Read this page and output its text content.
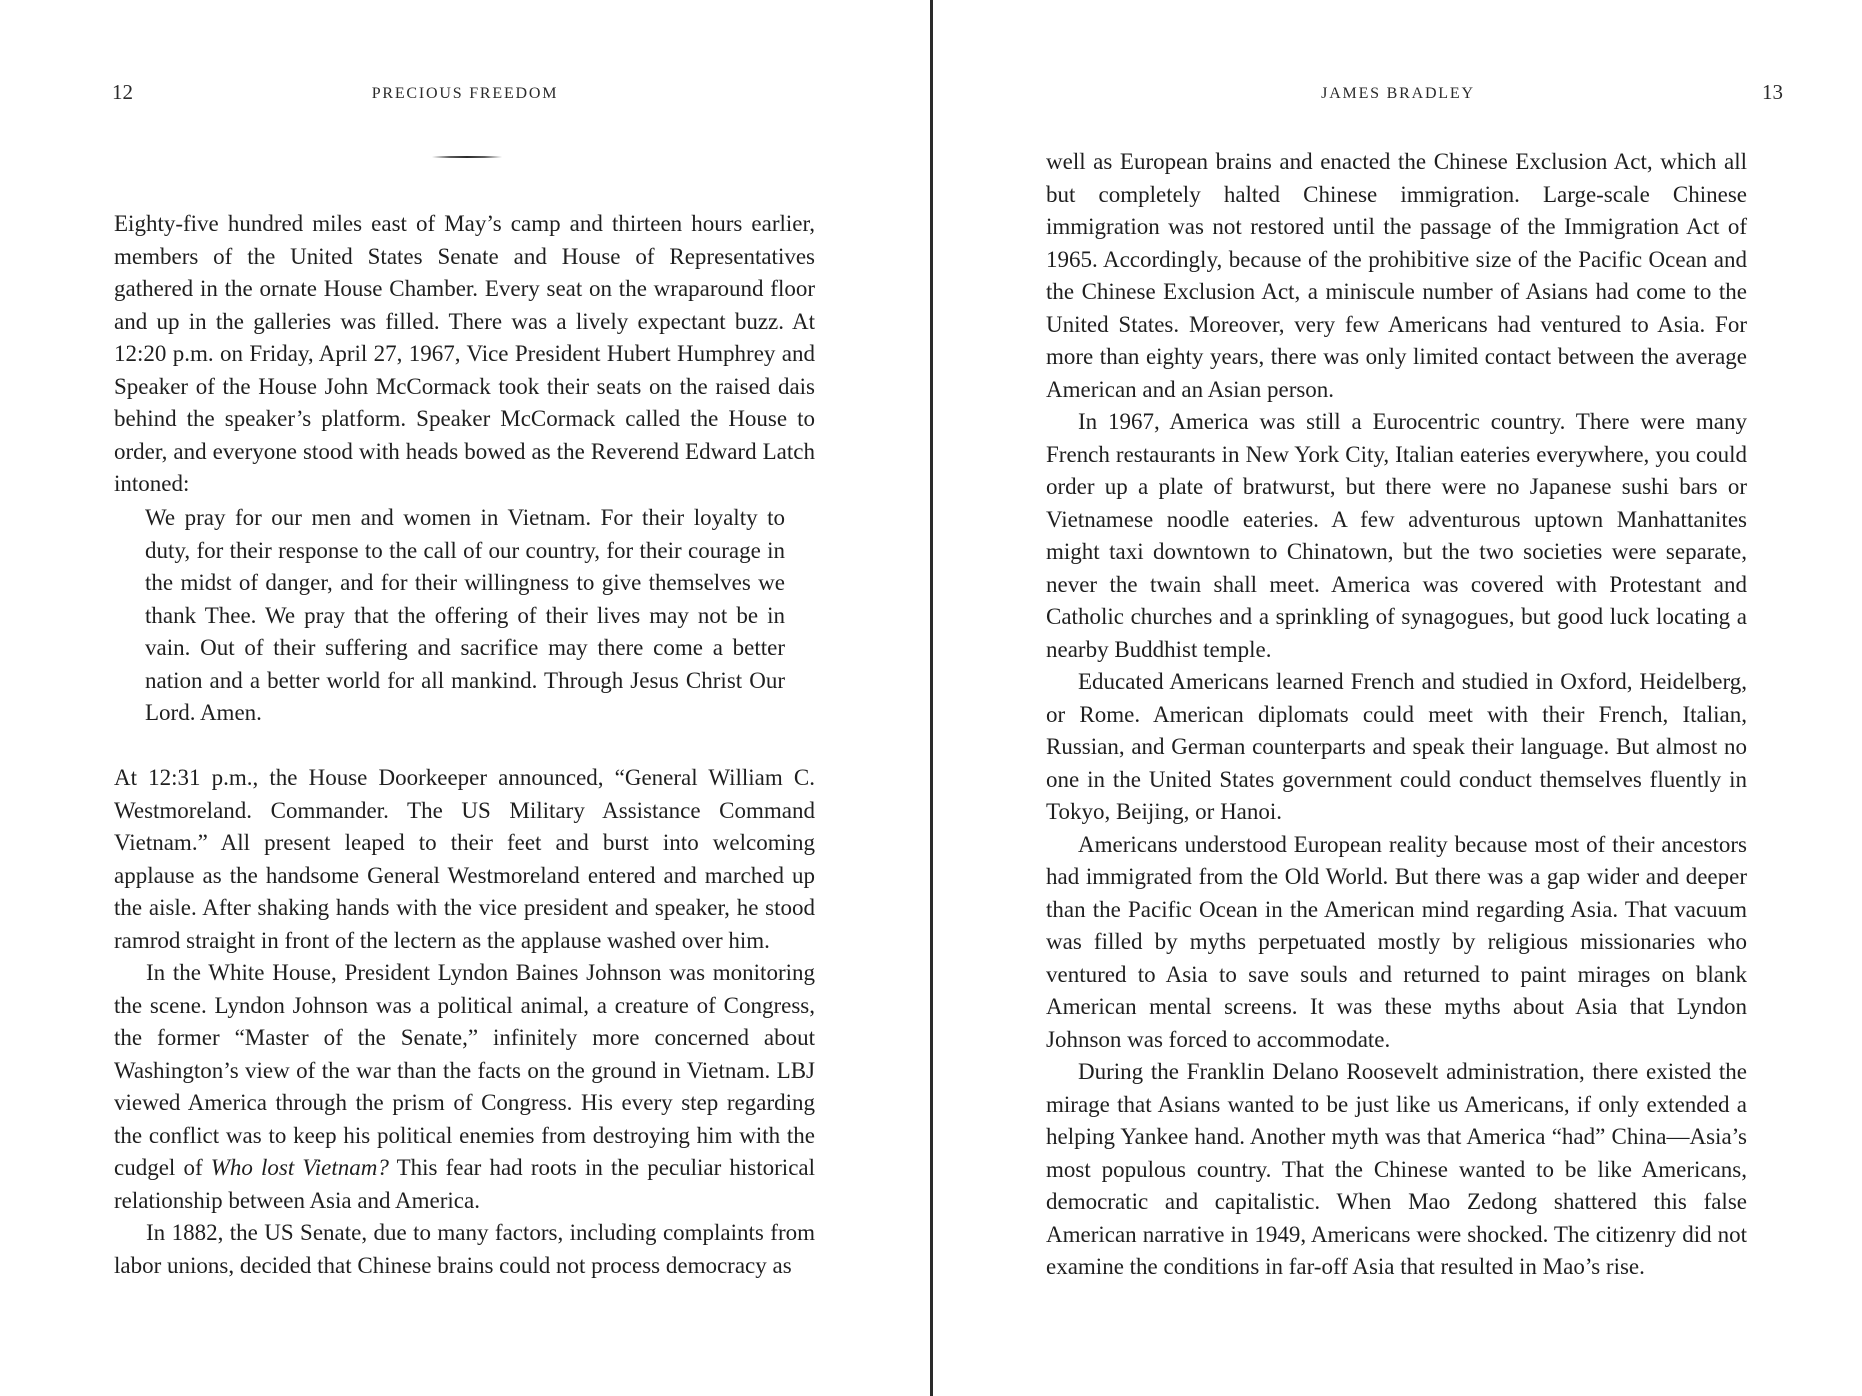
12	PRECIOUS FREEDOM

Eighty-five hundred miles east of May’s camp and thirteen hours earlier, members of the United States Senate and House of Representatives gathered in the ornate House Chamber. Every seat on the wraparound floor and up in the galleries was filled. There was a lively expectant buzz. At 12:20 p.m. on Friday, April 27, 1967, Vice President Hubert Humphrey and Speaker of the House John McCormack took their seats on the raised dais behind the speaker’s platform. Speaker McCormack called the House to order, and everyone stood with heads bowed as the Reverend Edward Latch intoned:

We pray for our men and women in Vietnam. For their loyalty to duty, for their response to the call of our country, for their courage in the midst of danger, and for their willingness to give themselves we thank Thee. We pray that the offering of their lives may not be in vain. Out of their suffering and sacrifice may there come a better nation and a better world for all mankind. Through Jesus Christ Our Lord. Amen.

At 12:31 p.m., the House Doorkeeper announced, “General William C. Westmoreland. Commander. The US Military Assistance Command Vietnam.” All present leaped to their feet and burst into welcoming applause as the handsome General Westmoreland entered and marched up the aisle. After shaking hands with the vice president and speaker, he stood ramrod straight in front of the lectern as the applause washed over him.

In the White House, President Lyndon Baines Johnson was monitoring the scene. Lyndon Johnson was a political animal, a creature of Congress, the former “Master of the Senate,” infinitely more concerned about Washington’s view of the war than the facts on the ground in Vietnam. LBJ viewed America through the prism of Congress. His every step regarding the conflict was to keep his political enemies from destroying him with the cudgel of Who lost Vietnam? This fear had roots in the peculiar historical relationship between Asia and America.

In 1882, the US Senate, due to many factors, including complaints from labor unions, decided that Chinese brains could not process democracy as

JAMES BRADLEY	13

well as European brains and enacted the Chinese Exclusion Act, which all but completely halted Chinese immigration. Large-scale Chinese immigration was not restored until the passage of the Immigration Act of 1965. Accordingly, because of the prohibitive size of the Pacific Ocean and the Chinese Exclusion Act, a miniscule number of Asians had come to the United States. Moreover, very few Americans had ventured to Asia. For more than eighty years, there was only limited contact between the average American and an Asian person.

In 1967, America was still a Eurocentric country. There were many French restaurants in New York City, Italian eateries everywhere, you could order up a plate of bratwurst, but there were no Japanese sushi bars or Vietnamese noodle eateries. A few adventurous uptown Manhattanites might taxi downtown to Chinatown, but the two societies were separate, never the twain shall meet. America was covered with Protestant and Catholic churches and a sprinkling of synagogues, but good luck locating a nearby Buddhist temple.

Educated Americans learned French and studied in Oxford, Heidelberg, or Rome. American diplomats could meet with their French, Italian, Russian, and German counterparts and speak their language. But almost no one in the United States government could conduct themselves fluently in Tokyo, Beijing, or Hanoi.

Americans understood European reality because most of their ancestors had immigrated from the Old World. But there was a gap wider and deeper than the Pacific Ocean in the American mind regarding Asia. That vacuum was filled by myths perpetuated mostly by religious missionaries who ventured to Asia to save souls and returned to paint mirages on blank American mental screens. It was these myths about Asia that Lyndon Johnson was forced to accommodate.

During the Franklin Delano Roosevelt administration, there existed the mirage that Asians wanted to be just like us Americans, if only extended a helping Yankee hand. Another myth was that America “had” China—Asia’s most populous country. That the Chinese wanted to be like Americans, democratic and capitalistic. When Mao Zedong shattered this false American narrative in 1949, Americans were shocked. The citizenry did not examine the conditions in far-off Asia that resulted in Mao’s rise.
